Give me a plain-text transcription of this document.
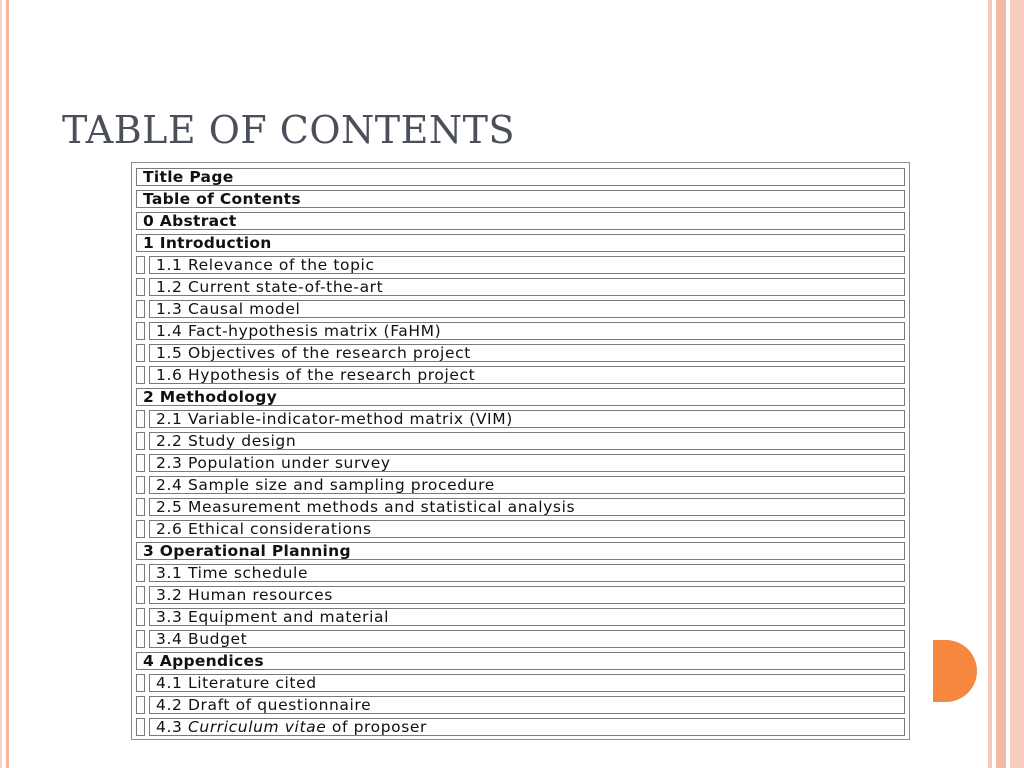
TABLE OF CONTENTS
Title Page
Table of Contents
0 Abstract
1 Introduction
1.1 Relevance of the topic
1.2 Current state-of-the-art
1.3 Causal model
1.4 Fact-hypothesis matrix (FaHM)
1.5 Objectives of the research project
1.6 Hypothesis of the research project
2 Methodology
2.1 Variable-indicator-method matrix (VIM)
2.2 Study design
2.3 Population under survey
2.4 Sample size and sampling procedure
2.5 Measurement methods and statistical analysis
2.6 Ethical considerations
3 Operational Planning
3.1 Time schedule
3.2 Human resources
3.3 Equipment and material
3.4 Budget
4 Appendices
4.1 Literature cited
4.2 Draft of questionnaire
4.3 Curriculum vitae of proposer
